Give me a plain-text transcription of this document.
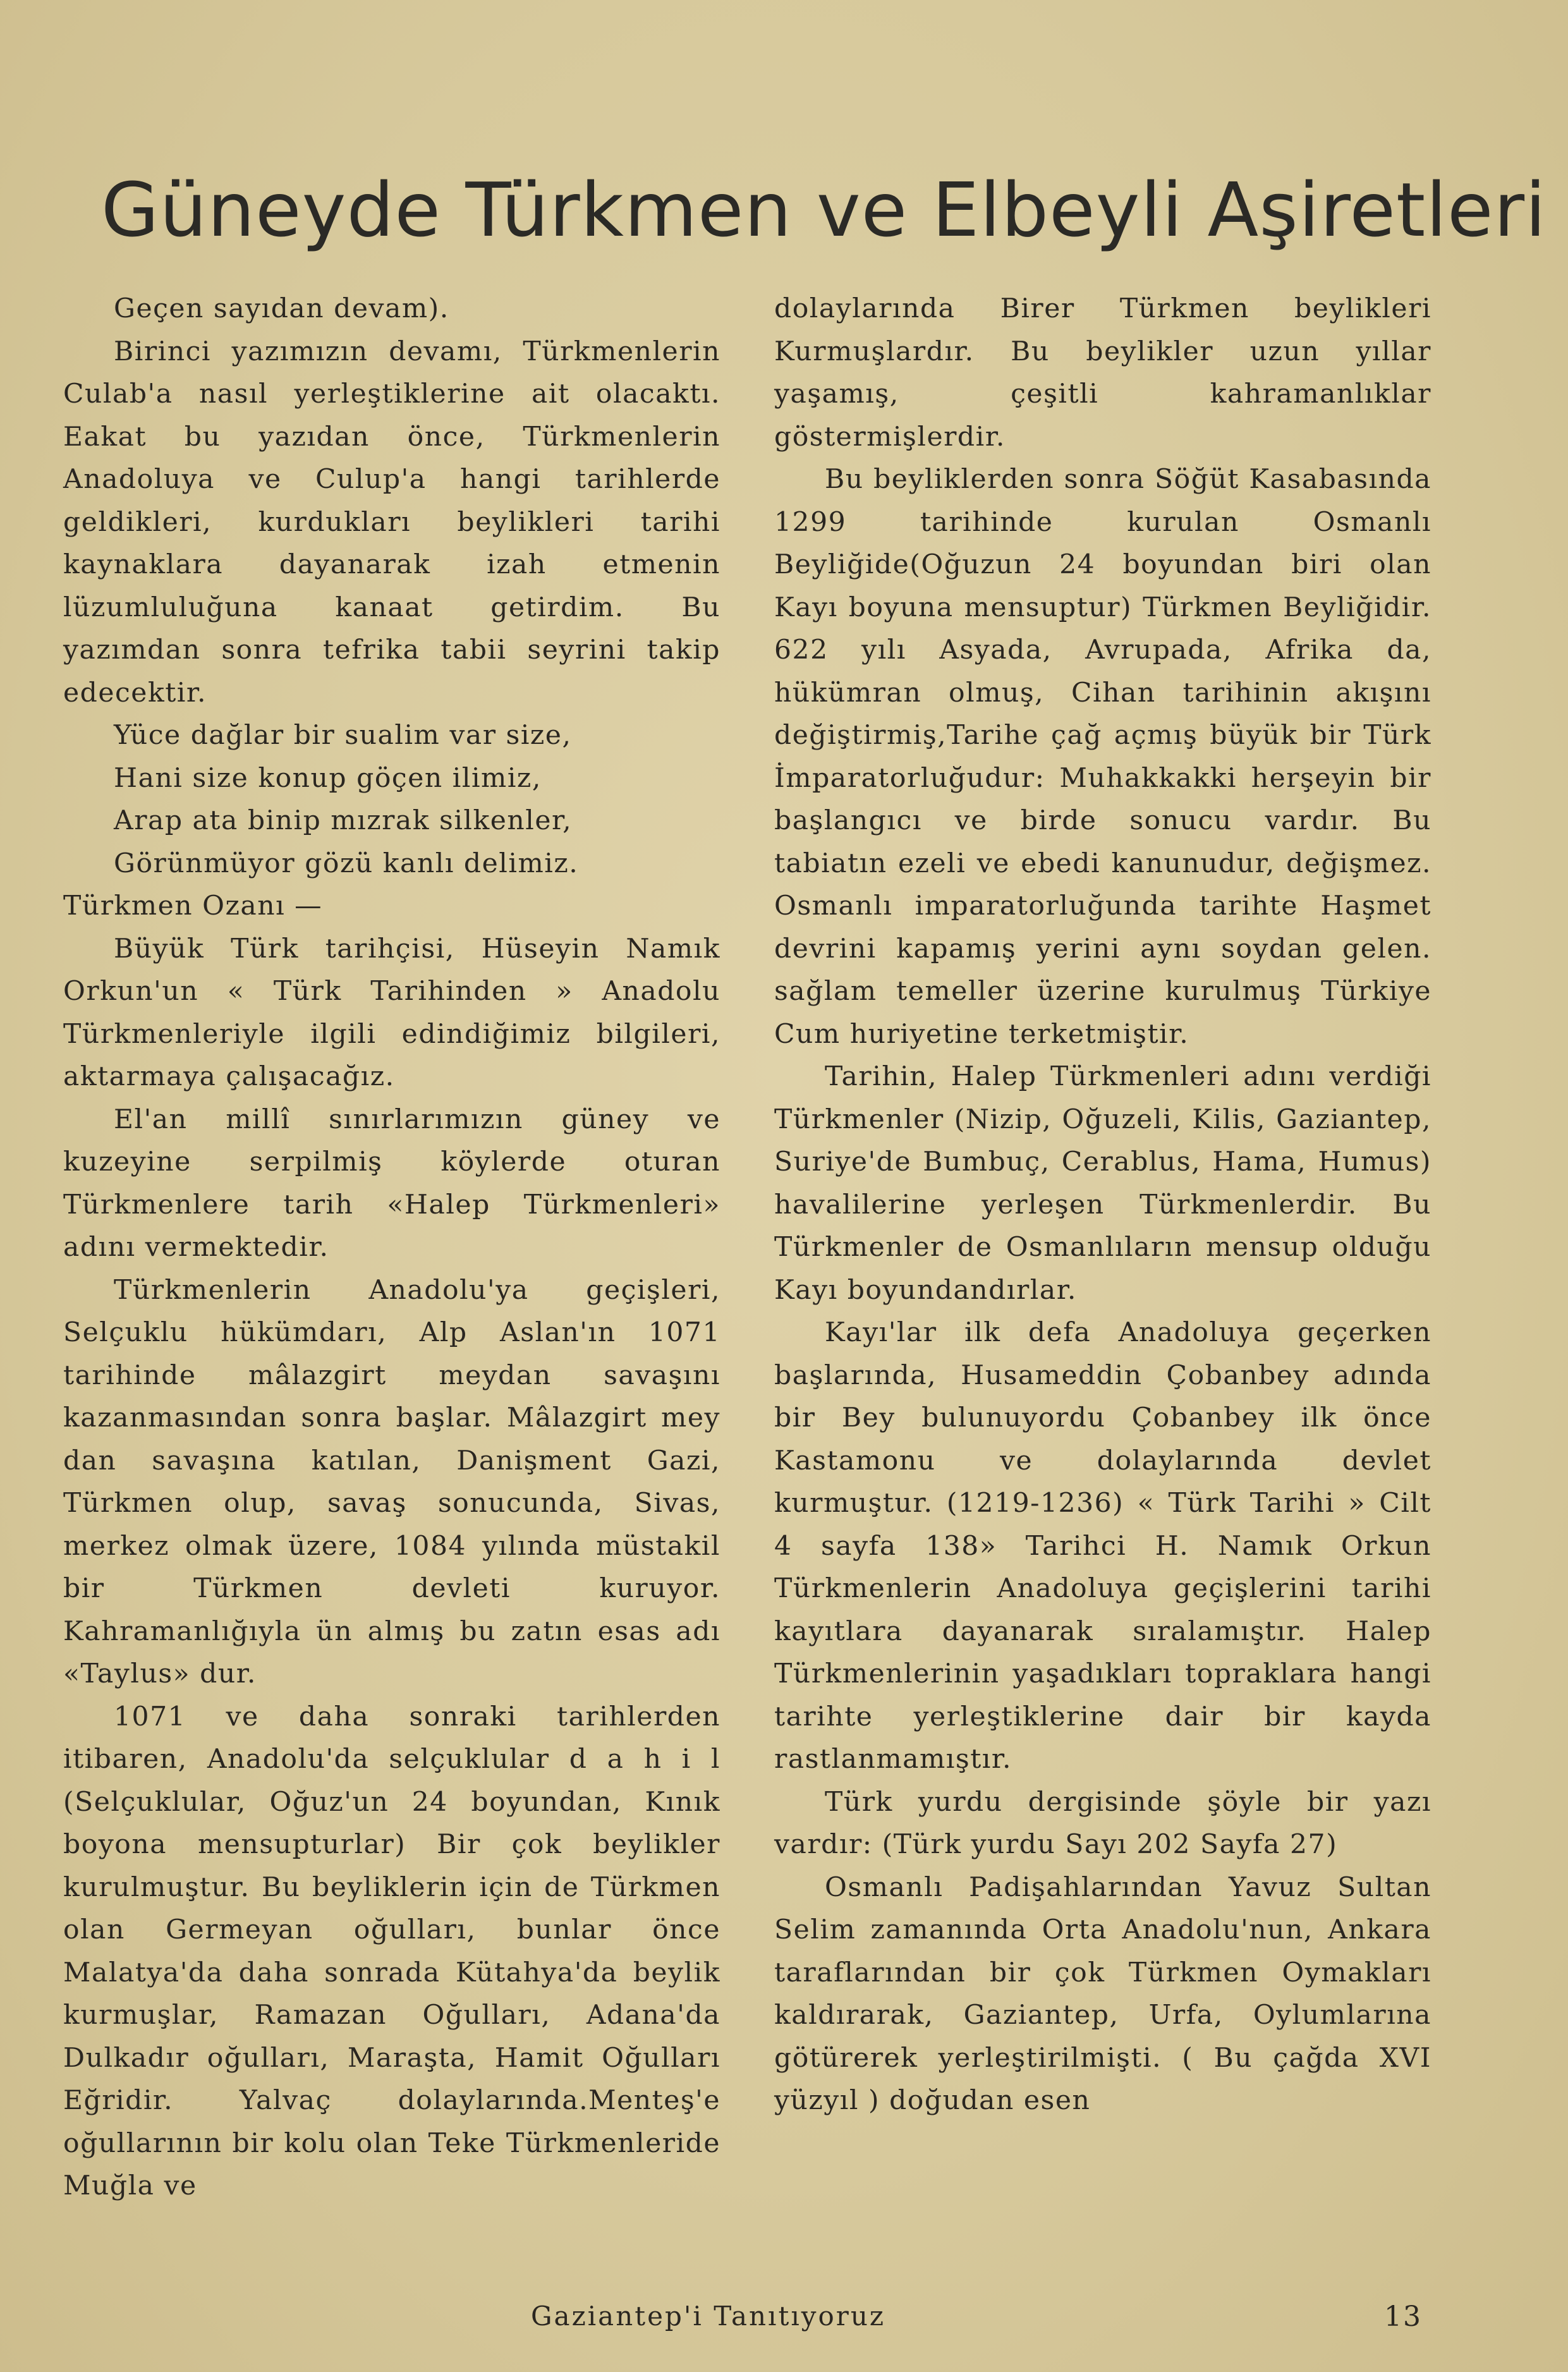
Güneyde Türkmen ve Elbeyli Aşiretleri

Geçen sayıdan devam).

Birinci yazımızın devamı, Türkmenlerin Culab'a nasıl yerleştiklerine ait olacaktı. Eakat bu yazıdan önce, Türkmenlerin Anadoluya ve Culup'a hangi tarihlerde geldikleri, kurdukları beylikleri tarihi kaynaklara dayanarak izah etmenin lüzumluluğuna kanaat getirdim. Bu yazımdan sonra tefrika tabii seyrini takip edecektir.

Yüce dağlar bir sualim var size,

Hani size konup göçen ilimiz,

Arap ata binip mızrak silkenler,

Görünmüyor gözü kanlı delimiz.

Türkmen Ozanı —

Büyük Türk tarihçisi, Hüseyin Namık Orkun'un « Türk Tarihinden » Anadolu Türkmenleriyle ilgili edindiğimiz bilgileri, aktarmaya çalışacağız.

El'an millî sınırlarımızın güney ve kuzeyine serpilmiş köylerde oturan Türkmenlere tarih «Halep Türkmenleri» adını vermektedir.

Türkmenlerin Anadolu'ya geçişleri, Selçuklu hükümdarı, Alp Aslan'ın 1071 tarihinde mâlazgirt meydan savaşını kazanmasından sonra başlar. Mâlazgirt mey dan savaşına katılan, Danişment Gazi, Türkmen olup, savaş sonucunda, Sivas, merkez olmak üzere, 1084 yılında müstakil bir Türkmen devleti kuruyor. Kahramanlığıyla ün almış bu zatın esas adı «Taylus» dur.

1071 ve daha sonraki tarihlerden itibaren, Anadolu'da selçuklular d a h i l (Selçuklular, Oğuz'un 24 boyundan, Kınık boyona mensupturlar) Bir çok beylikler kurulmuştur. Bu beyliklerin için de Türkmen olan Germeyan oğulları, bunlar önce Malatya'da daha sonrada Kütahya'da beylik kurmuşlar, Ramazan Oğulları, Adana'da Dulkadır oğulları, Maraşta, Hamit Oğulları Eğridir. Yalvaç dolaylarında.Menteş'e oğullarının bir kolu olan Teke Türkmenleride Muğla ve

dolaylarında Birer Türkmen beylikleri Kurmuşlardır. Bu beylikler uzun yıllar yaşamış, çeşitli kahramanlıklar göstermişlerdir.

Bu beyliklerden sonra Söğüt Kasabasında 1299 tarihinde kurulan Osmanlı Beyliğide(Oğuzun 24 boyundan biri olan Kayı boyuna mensuptur) Türkmen Beyliğidir. 622 yılı Asyada, Avrupada, Afrika da, hükümran olmuş, Cihan tarihinin akışını değiştirmiş,Tarihe çağ açmış büyük bir Türk İmparatorluğudur: Muhakkakki herşeyin bir başlangıcı ve birde sonucu vardır. Bu tabiatın ezeli ve ebedi kanunudur, değişmez. Osmanlı imparatorluğunda tarihte Haşmet devrini kapamış yerini aynı soydan gelen. sağlam temeller üzerine kurulmuş Türkiye Cum huriyetine terketmiştir.

Tarihin, Halep Türkmenleri adını verdiği Türkmenler (Nizip, Oğuzeli, Kilis, Gaziantep, Suriye'de Bumbuç, Cerablus, Hama, Humus) havalilerine yerleşen Türkmenlerdir. Bu Türkmenler de Osmanlıların mensup olduğu Kayı boyundandırlar.

Kayı'lar ilk defa Anadoluya geçerken başlarında, Husameddin Çobanbey adında bir Bey bulunuyordu Çobanbey ilk önce Kastamonu ve dolaylarında devlet kurmuştur. (1219-1236) « Türk Tarihi » Cilt 4 sayfa 138» Tarihci H. Namık Orkun Türkmenlerin Anadoluya geçişlerini tarihi kayıtlara dayanarak sıralamıştır. Halep Türkmenlerinin yaşadıkları topraklara hangi tarihte yerleştiklerine dair bir kayda rastlanmamıştır.

Türk yurdu dergisinde şöyle bir yazı vardır: (Türk yurdu Sayı 202 Sayfa 27)

Osmanlı Padişahlarından Yavuz Sultan Selim zamanında Orta Anadolu'nun, Ankara taraflarından bir çok Türkmen Oymakları kaldırarak, Gaziantep, Urfa, Oylumlarına götürerek yerleştirilmişti. ( Bu çağda XVI yüzyıl ) doğudan esen

Gaziantep'i Tanıtıyoruz	13
